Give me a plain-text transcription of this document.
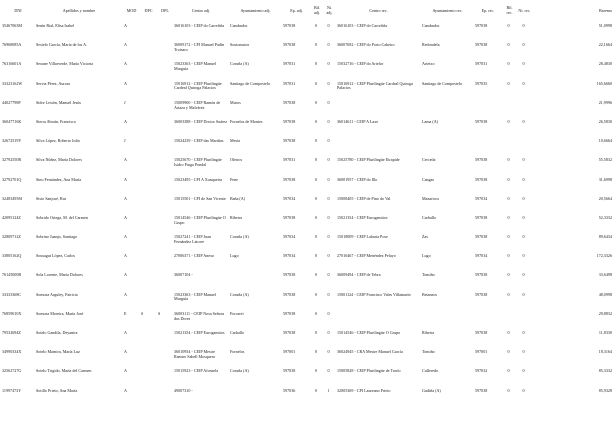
DNI	Apellidos y nombre	MOD	DPC	DPL	Centro adj.	Ayuntamiento adj.	Ep. adj.	Bil. adj.	Ni. adj.	Centro rec.	Ayuntamiento rec.	Ep. rec.	Bil. rec.	Ni. rec.	Baremo
35467063M	Senín Rial, Elisa Isabel	A			36016103 - CEIP do Carrefiña	Cambados	597038	0	0	36016103 - CEIP do Carrefiña	Cambados	597038	0	0	51,0998
76968085A	Sestelo García, María de los A.	A			36009172 - CPI Manuel Padín Troisaro	Soutomaior	597038	0	0	36007692 - CEIP do Porto Cabeiro	Redondela	597038	0	0	22,1664
76316601A	Seoane Villarverde, María Victoria	A			15023363 - CEIP Manuel Murguía	Coruña (A)	597031	0	0	15032716 - CEIP do Artelor	Arteixo	597031	0	0	28,4830
33323162W	Servia Pérez, Aurora	A			15016912 - CEIP Plurilingüe Cardeal Quiroga Palacios	Santiago de Compostela	597031	0	0	15016912 - CEIP Plurilingüe Cardeal Quiroga Palacios	Santiago de Compostela	597035	0	0	165,6660
44027798P	Sidre Lestón, Manuel Jesús	J			15009900 - CEIP Ramón de Artaza y Malvárez	Muros	597038	0	0						21,9996
36047716K	Sierra Abraín, Francisco	A			36003388 - CEIP Doctor Suárez	Fornelos de Montes	597038	0	0	36014611 - CEIP A Laxe	Lama (A)	597038	0	0	26,5830
32672519Y	Silva López, Roberto Julio	J			15024239 - CEIP das Mariñas	Mesía	597038	0	0						10,6664
32792550R	Silva Núñez, María Dolores	A			15025670 - CEIP Plurilingüe Isidro Parga Pondal	Oleiros	597031	0	0	15025780 - CEIP Plurilingüe Eirapide	Cerceda	597038	0	0	55,5832
32792701Q	Sino Fernández, Ana María	A			15023495 - CPI A Xunqueira	Fene	597038	0	0	36001957 - CEIP do Illo	Cangas	597038	0	0	31,6998
32483495M	Sisto Sanjosé, Rut	A			15015501 - CPI de San Vicente	Baña (A)	597034	0	0	15008405 - CEIP de Pino do Val	Mazaricos	597034	0	0	20,5664
42095124Z	Sobrido Ortega, M. del Carmen	A			15014546 - CEIP Plurilingüe O Grupo	Ribeira	597038	0	0	15021354 - CEIP Eurogamitos	Carballo	597038	0	0	52,3332
32809712Z	Sobrino Juanjo, Santiago	A			15027241 - CEIP Juan Fernández Latorre	Coruña (A)	597034	0	0	15018009 - CEIP Labarta Pose	Zas	597038	0	0	89,6434
33805162Q	Sousagut López, Carlos	A			27006371 - CEIP Anexo	Lugo	597034	0	0	27016467 - CEIP Menéndez Pelayo	Lugo	597034	0	0	172,3326
76145000B	Sola Lorente, María Dolores	A			36007104 -		597038	0	0	36009494 - CEIP de Tebra	Tomiño	597038	0	0	33,6498
33333368C	Somoza Arguley, Patricia	A			15023363 - CEIP Manuel Murguía	Coruña (A)	597038	0	0	15001124 - CEIP Francisco Vales Villamarín	Betanzos	597038	0	0	48,0998
76859010X	Somoza Moreira, María José	E	S	S	36003111 - CEIP Nosa Señora das Dores	Forcarei	597038	0	0						29,8832
79532694Z	Sotelo Gandila, Deyanira	A			15021354 - CEIP Eurogamitos	Carballo	597038	0	0	15014546 - CEIP Plurilingüe O Grupo	Ribeira	597038	0	0	11,8330
34990334X	Sotelo Marnira, María Luz	A			36010954 - CEIP Mestre Ramiro Sabell Mosquera	Fornelos	597001	0	0	36024945 - CRA Mestre Manuel García	Tomiño	597001	0	0	18,3164
32562727G	Sotelo Trigido, María del Carmen	A			15015923 - CEIP Afonsela	Coruña (A)	597038	0	0	15005828 - CEIP Plurilingüe de Tarrío	Culleredo	597032	0	0	85,3332
11997473Y	Sotillo Prieto, Ana María	A			49007310 -		597036	0	1	32005369 - CPI Laureano Prieto	Gudiña (A)	597038	0	0	85,9328
